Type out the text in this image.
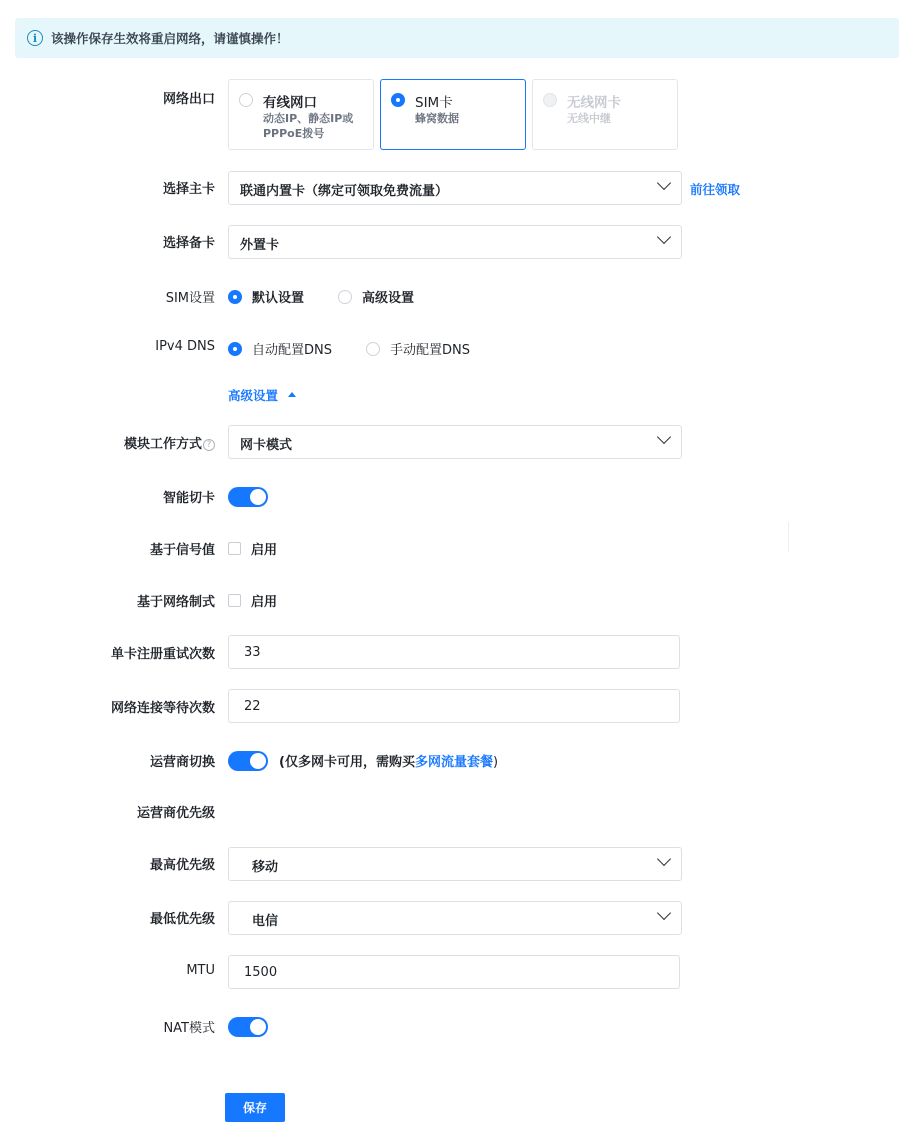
i	该操作保存生效将重启网络，请谨慎操作！
网络出口	有线网口
动态IP、静态IP或
PPPoE拨号
SIM卡
蜂窝数据
无线网卡
无线中继
选择主卡 联通内置卡（绑定可领取免费流量）	前往领取
选择备卡 外置卡
SIM设置	默认设置	高级设置
IPv4 DNS	自动配置DNS	手动配置DNS
高级设置
模块工作方式 ? 网卡模式
智能切卡
基于信号值	启用
基于网络制式	启用
单卡注册重试次数 33
网络连接等待次数 22
运营商切换	(仅多网卡可用，需购买多网流量套餐)
运营商优先级
最高优先级	移动
最低优先级	电信
MTU 1500
NAT模式
保存
